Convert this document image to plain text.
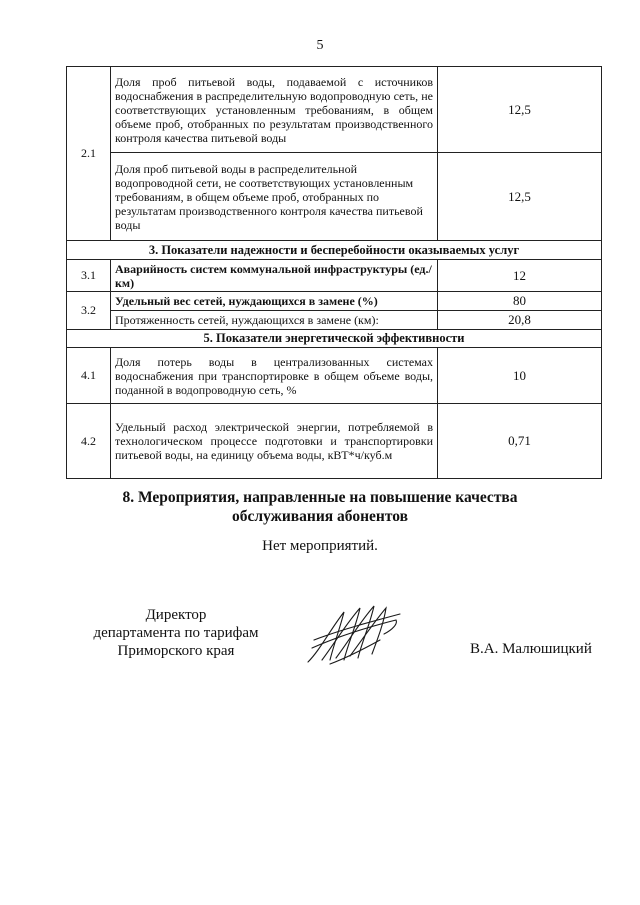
5
2.1	Доля проб питьевой воды, подаваемой с источников водоснабжения в распределительную водопроводную сеть, не соответствующих установленным требованиям, в общем объеме проб, отобранных по результатам производственного контроля качества питьевой воды	12,5
	Доля проб питьевой воды в распределительной водопроводной сети, не соответствующих установленным требованиям, в общем объеме проб, отобранных по результатам производственного контроля качества питьевой воды	12,5
3. Показатели надежности и бесперебойности оказываемых услуг		
3.1	Аварийность систем коммунальной инфраструктуры (ед./км)	12
3.2	Удельный вес сетей, нуждающихся в замене (%)	80
	Протяженность сетей, нуждающихся в замене (км):	20,8
5. Показатели энергетической эффективности		
4.1	Доля потерь воды в централизованных системах водоснабжения при транспортировке в общем объеме воды, поданной в водопроводную сеть, %	10
4.2	Удельный расход электрической энергии, потребляемой в технологическом процессе подготовки и транспортировки питьевой воды, на единицу объема воды, кВТ*ч/куб.м	0,71
8. Мероприятия, направленные на повышение качества
обслуживания абонентов
Нет мероприятий.
Директор
департамента по тарифам
Приморского края	В.А. Малюшицкий
